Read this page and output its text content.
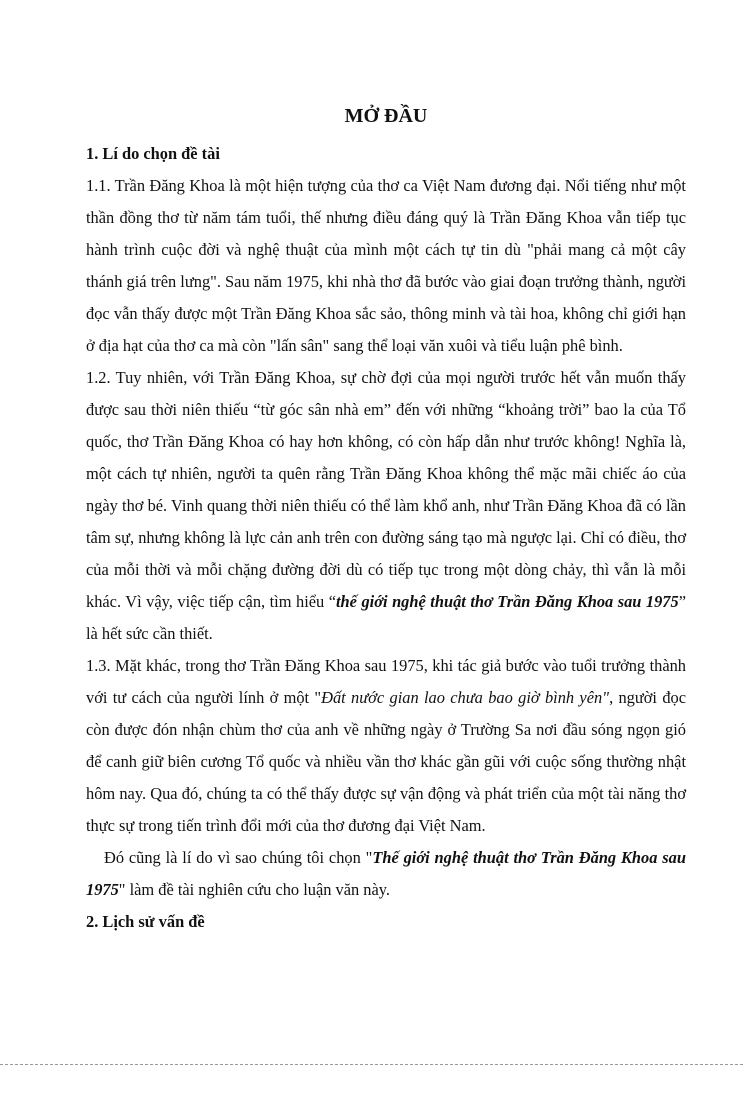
MỞ ĐẦU

1. Lí do chọn đề tài

1.1. Trần Đăng Khoa là một hiện tượng của thơ ca Việt Nam đương đại. Nổi tiếng như một thần đồng thơ từ năm tám tuổi, thế nhưng điều đáng quý là Trần Đăng Khoa vẫn tiếp tục hành trình cuộc đời và nghệ thuật của mình một cách tự tin dù "phải mang cả một cây thánh giá trên lưng". Sau năm 1975, khi nhà thơ đã bước vào giai đoạn trưởng thành, người đọc vẫn thấy được một Trần Đăng Khoa sắc sảo, thông minh và tài hoa, không chỉ giới hạn ở địa hạt của thơ ca mà còn "lấn sân" sang thể loại văn xuôi và tiểu luận phê bình.

1.2. Tuy nhiên, với Trần Đăng Khoa, sự chờ đợi của mọi người trước hết vẫn muốn thấy được sau thời niên thiếu “từ góc sân nhà em” đến với những “khoảng trời” bao la của Tổ quốc, thơ Trần Đăng Khoa có hay hơn không, có còn hấp dẫn như trước không! Nghĩa là, một cách tự nhiên, người ta quên rằng Trần Đăng Khoa không thể mặc mãi chiếc áo của ngày thơ bé. Vinh quang thời niên thiếu có thể làm khổ anh, như Trần Đăng Khoa đã có lần tâm sự, nhưng không là lực cản anh trên con đường sáng tạo mà ngược lại. Chỉ có điều, thơ của mỗi thời và mỗi chặng đường đời dù có tiếp tục trong một dòng chảy, thì vẫn là mỗi khác. Vì vậy, việc tiếp cận, tìm hiểu “thế giới nghệ thuật thơ Trần Đăng Khoa sau 1975” là hết sức cần thiết.

1.3. Mặt khác, trong thơ Trần Đăng Khoa sau 1975, khi tác giả bước vào tuổi trưởng thành với tư cách của người lính ở một "Đất nước gian lao chưa bao giờ bình yên", người đọc còn được đón nhận chùm thơ của anh về những ngày ở Trường Sa nơi đầu sóng ngọn gió để canh giữ biên cương Tổ quốc và nhiều vần thơ khác gần gũi với cuộc sống thường nhật hôm nay. Qua đó, chúng ta có thể thấy được sự vận động và phát triển của một tài năng thơ thực sự trong tiến trình đổi mới của thơ đương đại Việt Nam.

Đó cũng là lí do vì sao chúng tôi chọn "Thế giới nghệ thuật thơ Trần Đăng Khoa sau 1975" làm đề tài nghiên cứu cho luận văn này.

2. Lịch sử vấn đề
